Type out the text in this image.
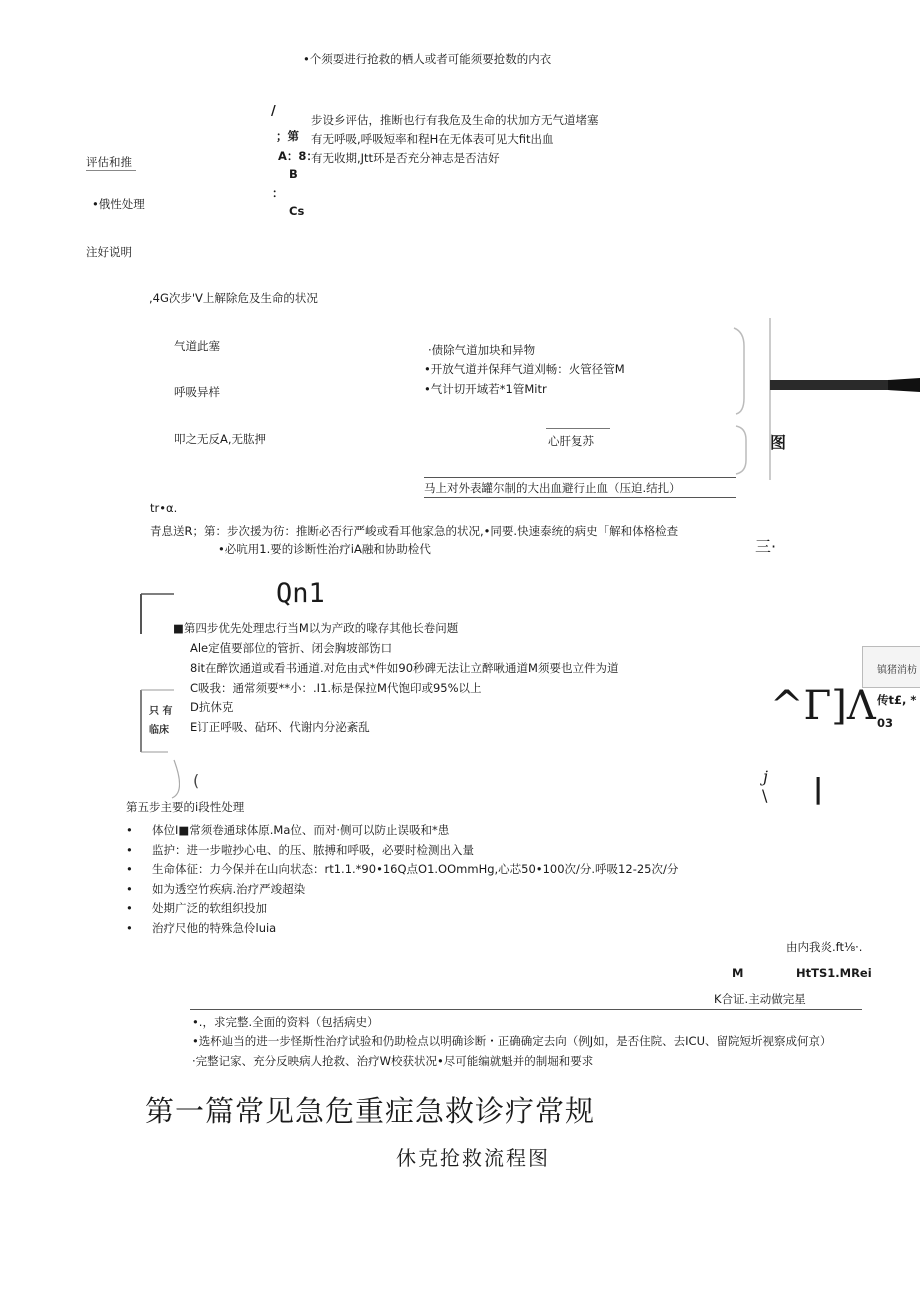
•个须耍进行抢救的栖人或者可能须要抢数的内衣
/
；第
A：8：
B
：
Cs
步设乡评估，推断也行有我危及生命的状加方无气道堵塞
有无呼吸,呼吸短率和程H在无体表可见大fit出血
有无收期,Jtt环是否充分神志是否洁好
评估和推
•俄性处理
注好说明
,4G次步'V上解除危及生命的状况
气道此塞
呼吸异样
叩之无反A,无肱押
·债除气道加块和异物
•开放气道并保拜气道刈畅：火管径管M
•气计切开域若*1管Mitr
心肝复苏
马上对外表罐尔制的大出血避行止血（压迫.结扎）
图
tr•α.
青息送R；第：步次援为彷：推断必否行严峻或看耳他家急的状况,•同要.快速泰统的病史「解和体格检查
•必吭用1.要的诊断性治疗iA融和协助检代	三·
Qn1
只 有
临床
(
■第四步优先处理忠行当M以为产政的喙存其他长卷问题
Ale定值要部位的管折、闭会胸坡部饬口
8it在醉饮通道或看书通道.对危由式*件如90秒碑无法让立醉啾通道M须要也立件为道
C吸我：通常须要**小：.I1.标是保拉M代饱印或95%以上
D抗休克
E订正呼吸、砧环、代谢内分泌紊乱
镇猪消枋
^Γ]Λ 传t£, *
03
j
\ |
第五步主要的i段性处理
• 体位I■常须卷通球体原.Ma位、而对·侧可以防止误吸和*患
• 监护：进一步啦抄心电、的压、脓搏和呼吸，必要时检测出入量
• 生命体征：力今保并在山向状态：rt1.1.*90•16Q点O1.OOmmHg,心芯50•100次/分.呼吸12-25次/分
• 如为透空竹疾病.治疗严竣超染
• 处期广泛的软组织投加
• 治疗尺他的特殊急伶luia
由内我炎.ft⅛·.
M	HtTS1.MRei
K合证.主动做完星
•.，求完整.全面的资料（包括病史）
•选杯辿当的进一步怪斯性治疗试验和仍助检点以明确诊断・正确确定去向（例J如，是否住院、去ICU、留院短圻视察成何京）
·完整记家、充分反映病人抢救、治疗W校获状况•尽可能编就魁并的制堀和要求
第一篇常见急危重症急救诊疗常规
休克抢救流程图
